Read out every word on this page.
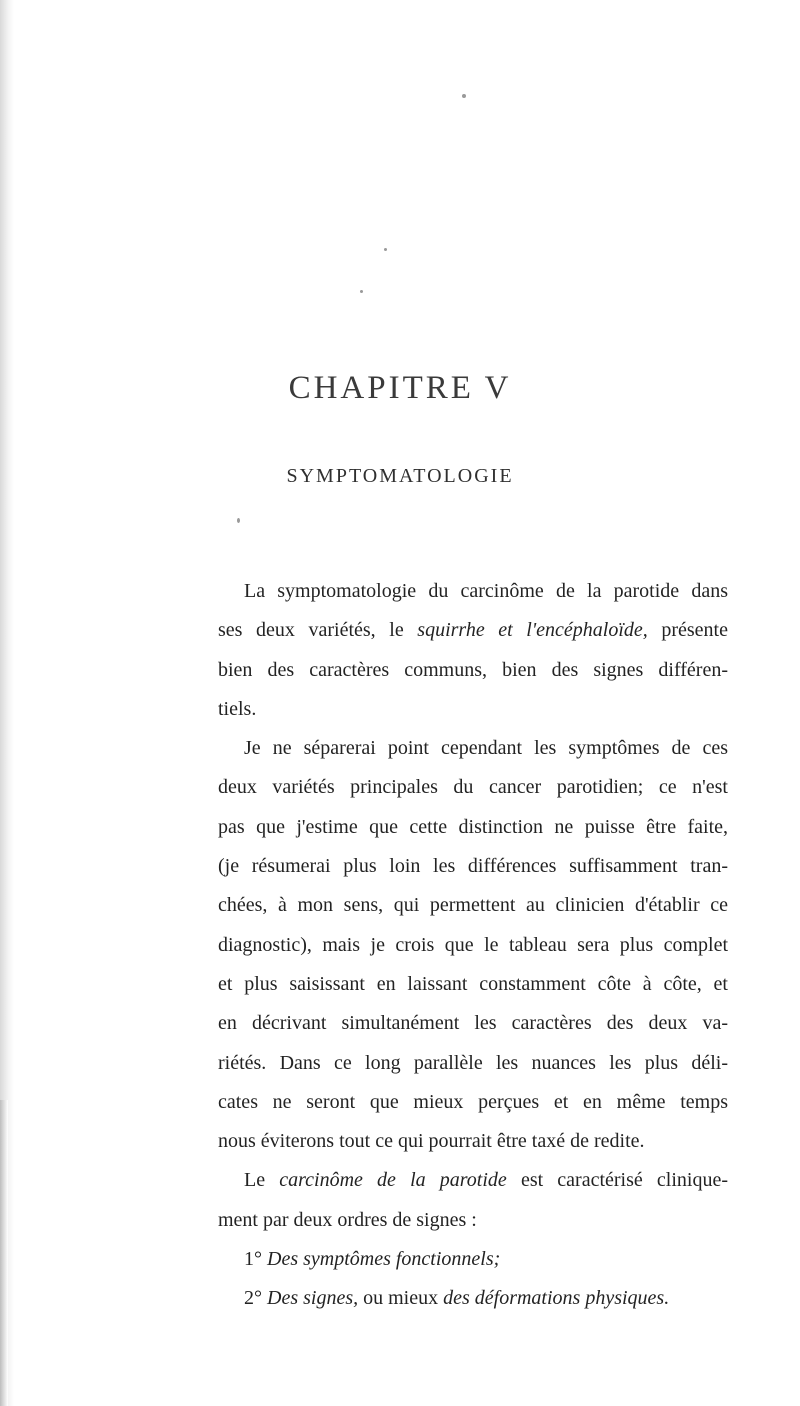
CHAPITRE V
SYMPTOMATOLOGIE
La symptomatologie du carcinôme de la parotide dans
ses deux variétés, le squirrhe et l'encéphaloïde, présente
bien des caractères communs, bien des signes différen-
tiels.
Je ne séparerai point cependant les symptômes de ces
deux variétés principales du cancer parotidien; ce n'est
pas que j'estime que cette distinction ne puisse être faite,
(je résumerai plus loin les différences suffisamment tran-
chées, à mon sens, qui permettent au clinicien d'établir ce
diagnostic), mais je crois que le tableau sera plus complet
et plus saisissant en laissant constamment côte à côte, et
en décrivant simultanément les caractères des deux va-
riétés. Dans ce long parallèle les nuances les plus déli-
cates ne seront que mieux perçues et en même temps
nous éviterons tout ce qui pourrait être taxé de redite.
Le carcinôme de la parotide est caractérisé clinique-
ment par deux ordres de signes :
1° Des symptômes fonctionnels;
2° Des signes, ou mieux des déformations physiques.
